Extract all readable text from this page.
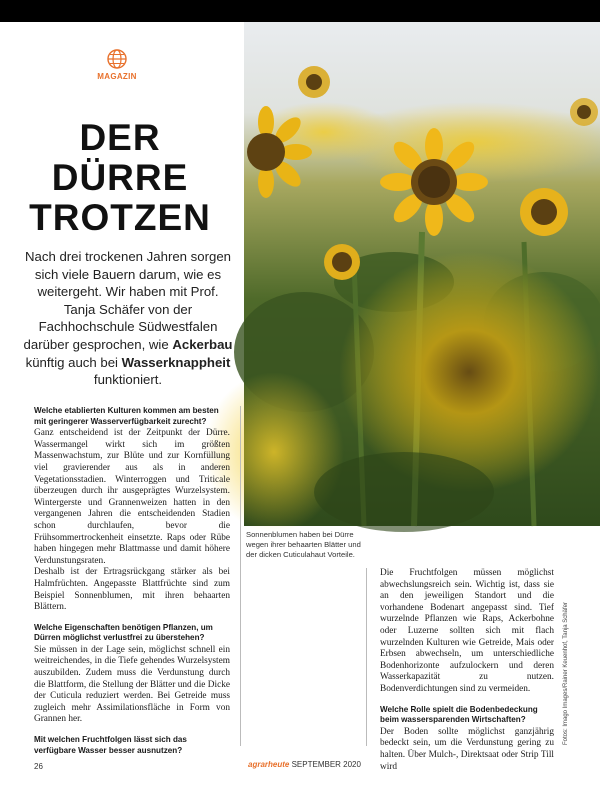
MAGAZIN
DER
DÜRRE
TROTZEN

Nach drei trockenen Jahren sorgen sich viele Bauern darum, wie es weitergeht. Wir haben mit Prof. Tanja Schäfer von der Fachhochschule Südwestfalen darüber gesprochen, wie Ackerbau künftig auch bei Wasserknappheit funktioniert.

Sonnenblumen haben bei Dürre wegen ihrer behaarten Blätter und der dicken Cuticulahaut Vorteile.
Fotos: Imago Images/Rainer Keuenhof, Tanja Schäfer
Welche etablierten Kulturen kommen am besten mit geringerer Wasserverfügbarkeit zurecht?
Ganz entscheidend ist der Zeitpunkt der Dürre. Wassermangel wirkt sich im größten Massenwachstum, zur Blüte und zur Kornfüllung viel gravierender aus als in anderen Vegetationsstadien. Winterroggen und Triticale überzeugen durch ihr ausgeprägtes Wurzelsystem. Wintergerste und Grannenweizen hatten in den vergangenen Jahren die entscheidenden Stadien schon durchlaufen, bevor die Frühsommertrockenheit einsetzte. Raps oder Rübe haben hingegen mehr Blattmasse und damit höhere Verdunstungsraten.
Deshalb ist der Ertragsrückgang stärker als bei Halmfrüchten. Angepasste Blattfrüchte sind zum Beispiel Sonnenblumen, mit ihren behaarten Blättern.
Welche Eigenschaften benötigen Pflanzen, um Dürren möglichst verlustfrei zu überstehen?
Sie müssen in der Lage sein, möglichst schnell ein weitreichendes, in die Tiefe gehendes Wurzelsystem auszubilden. Zudem muss die Verdunstung durch die Blattform, die Stellung der Blätter und die Dicke der Cuticula reduziert werden. Bei Getreide muss zugleich mehr Assimilationsfläche in Form von Grannen her.
Mit welchen Fruchtfolgen lässt sich das verfügbare Wasser besser ausnutzen?
Die Fruchtfolgen müssen möglichst abwechslungsreich sein. Wichtig ist, dass sie an den jeweiligen Standort und die vorhandene Bodenart angepasst sind. Tief wurzelnde Pflanzen wie Raps, Ackerbohne oder Luzerne sollten sich mit flach wurzelnden Kulturen wie Getreide, Mais oder Erbsen abwechseln, um unterschiedliche Bodenhorizonte aufzulockern und deren Wasserkapazität zu nutzen. Bodenverdichtungen sind zu vermeiden.
Welche Rolle spielt die Bodenbedeckung beim wassersparenden Wirtschaften?
Der Boden sollte möglichst ganzjährig bedeckt sein, um die Verdunstung gering zu halten. Über Mulch-, Direktsaat oder Strip Till wird
26	agrarheute SEPTEMBER 2020
